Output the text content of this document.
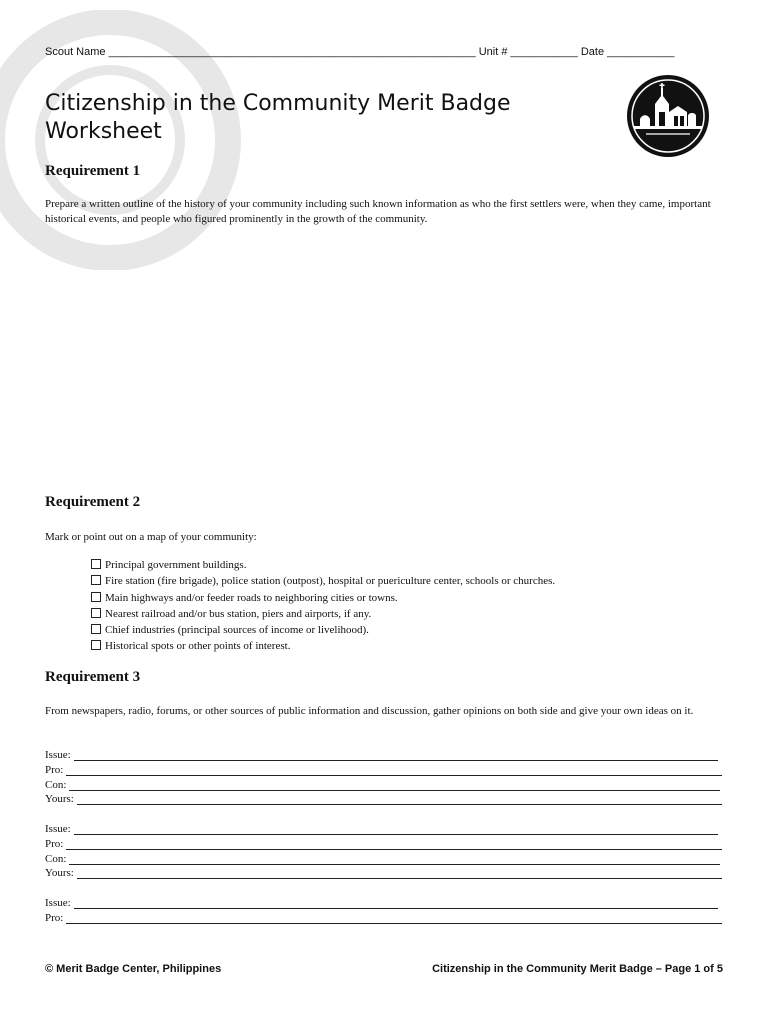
Scout Name ____________________________________________________________ Unit # ___________ Date ___________
Citizenship in the Community Merit Badge
Worksheet
Requirement 1
Prepare a written outline of the history of your community including such known information as who the first settlers were, when they came, important historical events, and people who figured prominently in the growth of the community.
Requirement 2
Mark or point out on a map of your community:
Principal government buildings.
Fire station (fire brigade), police station (outpost), hospital or puericulture center, schools or churches.
Main highways and/or feeder roads to neighboring cities or towns.
Nearest railroad and/or bus station, piers and airports, if any.
Chief industries (principal sources of income or livelihood).
Historical spots or other points of interest.
Requirement 3
From newspapers, radio, forums, or other sources of public information and discussion, gather opinions on both side and give your own ideas on it.
Issue:
Pro:
Con:
Yours:
Issue:
Pro:
Con:
Yours:
Issue:
Pro:
© Merit Badge Center, Philippines	Citizenship in the Community Merit Badge – Page 1 of 5
